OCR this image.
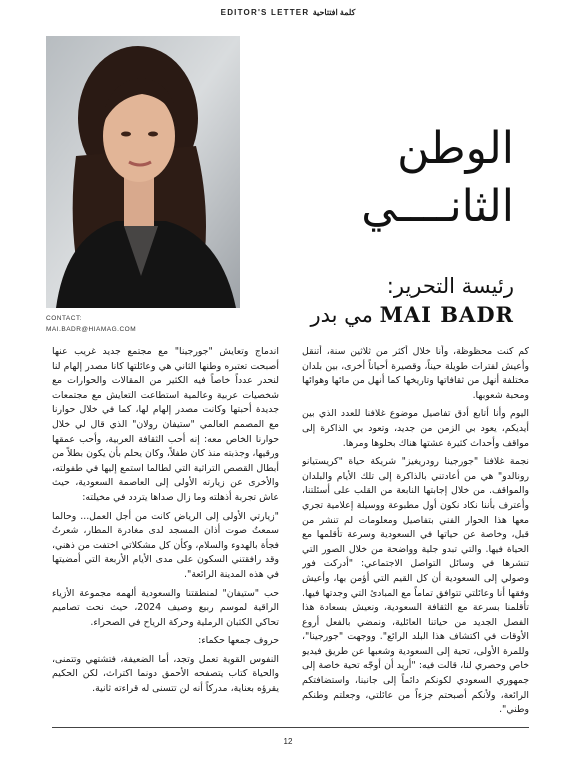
EDITOR'S LETTER كلمة افتتاحية
CONTACT:
MAI.BADR@HIAMAG.COM
الوطن
الثانــــي
رئيسة التحرير:
مي بدر MAI BADR

كم كنت محظوظة، وأنا خلال أكثر من ثلاثين سنة، أتنقل وأعيش لفترات طويلة حيناً، وقصيرة أحياناً أخرى، بين بلدان مختلفة أنهل من ثقافاتها وتاريخها كما أنهل من مائها وهوائها ومحبة شعوبها.

اليوم وأنا أتابع أدق تفاصيل موضوع غلافنا للعدد الذي بين أيديكم، يعود بي الزمن من جديد، وتعود بي الذاكرة إلى مواقف وأحداث كثيرة عشتها هناك بحلوها ومرها.

نجمة غلافنا "جورجينا رودريغيز" شريكة حياة "كريستيانو رونالدو" هي من أعادتني بالذاكرة إلى تلك الأيام والبلدان والمواقف. من خلال إجابتها النابعة من القلب على أسئلتنا، وأعترف بأننا نكاد نكون أول مطبوعة ووسيلة إعلامية تجري معها هذا الحوار الفني بتفاصيل ومعلومات لم تنشر من قبل، وخاصة عن حياتها في السعودية وسرعة تأقلمها مع الحياة فيها. والتي تبدو جلية وواضحة من خلال الصور التي تنشرها في وسائل التواصل الاجتماعي: "أدركت فور وصولي إلى السعودية أن كل القيم التي أؤمن بها، وأعيش وفقها أنا وعائلتي تتوافق تماماً مع المبادئ التي وجدتها فيها. تأقلمنا بسرعة مع الثقافة السعودية، ونعيش بسعادة هذا الفصل الجديد من حياتنا العائلية، ونمضي بالفعل أروع الأوقات في اكتشاف هذا البلد الرائع". ووجهت "جورجينا"، وللمرة الأولى، تحية إلى السعودية وشعبها عن طريق فيديو خاص وحصري لنا، قالت فيه: "أريد أن أوجّه تحية خاصة إلى جمهوري السعودي لكونكم دائماً إلى جانبنا، واستضافتكم الرائعة، ولأنكم أصبحتم جزءاً من عائلتي، وجعلتم وطنكم وطني".

اندماج وتعايش "جورجينا" مع مجتمع جديد غريب عنها أصبحت تعتبره وطنها الثاني هي وعائلتها كانا مصدر إلهام لنا لنحدر عدداً خاصاً فيه الكثير من المقالات والحوارات مع شخصيات عربية وعالمية استطاعت التعايش مع مجتمعات جديدة أحبتها وكانت مصدر إلهام لها، كما في خلال حوارنا مع المصمم العالمي "ستيفان رولان" الذي قال لي خلال حوارنا الخاص معه: إنه أحب الثقافة العربية، وأحب عمقها ورقيها، وجذبته منذ كان طفلاً، وكان يحلم بأن يكون بطلاً من أبطال القصص التراثية التي لطالما استمع إليها في طفولته، والأخرى عن زيارته الأولى إلى العاصمة السعودية، حيث عاش تجربة أذهلته وما زال صداها يتردد في مخيلته:

"زيارتي الأولى إلى الرياض كانت من أجل العمل... وحالما سمعتُ صوت أذان المسجد لدى مغادرة المطار، شعرتُ فجأة بالهدوء والسلام، وكأن كل مشكلاتي اختفت من ذهني، وقد رافقتني السكون على مدى الأيام الأربعة التي أمضيتها في هذه المدينة الرائعة".

حب "ستيفان" لمنطقتنا والسعودية ألهمه مجموعة الأزياء الراقية لموسم ربيع وصيف 2024، حيث نحت تصاميم تحاكي الكثبان الرملية وحركة الرياح في الصحراء.

حروف جمعها حكماء:

النفوس القوية تعمل وتجد، أما الضعيفة، فتشتهي وتتمنى، والحياة كتاب يتصفحه الأحمق دونما اكتراث، لكن الحكيم يقرؤه بعناية، مدركاً أنه لن تتسنى له قراءته ثانية.

12
